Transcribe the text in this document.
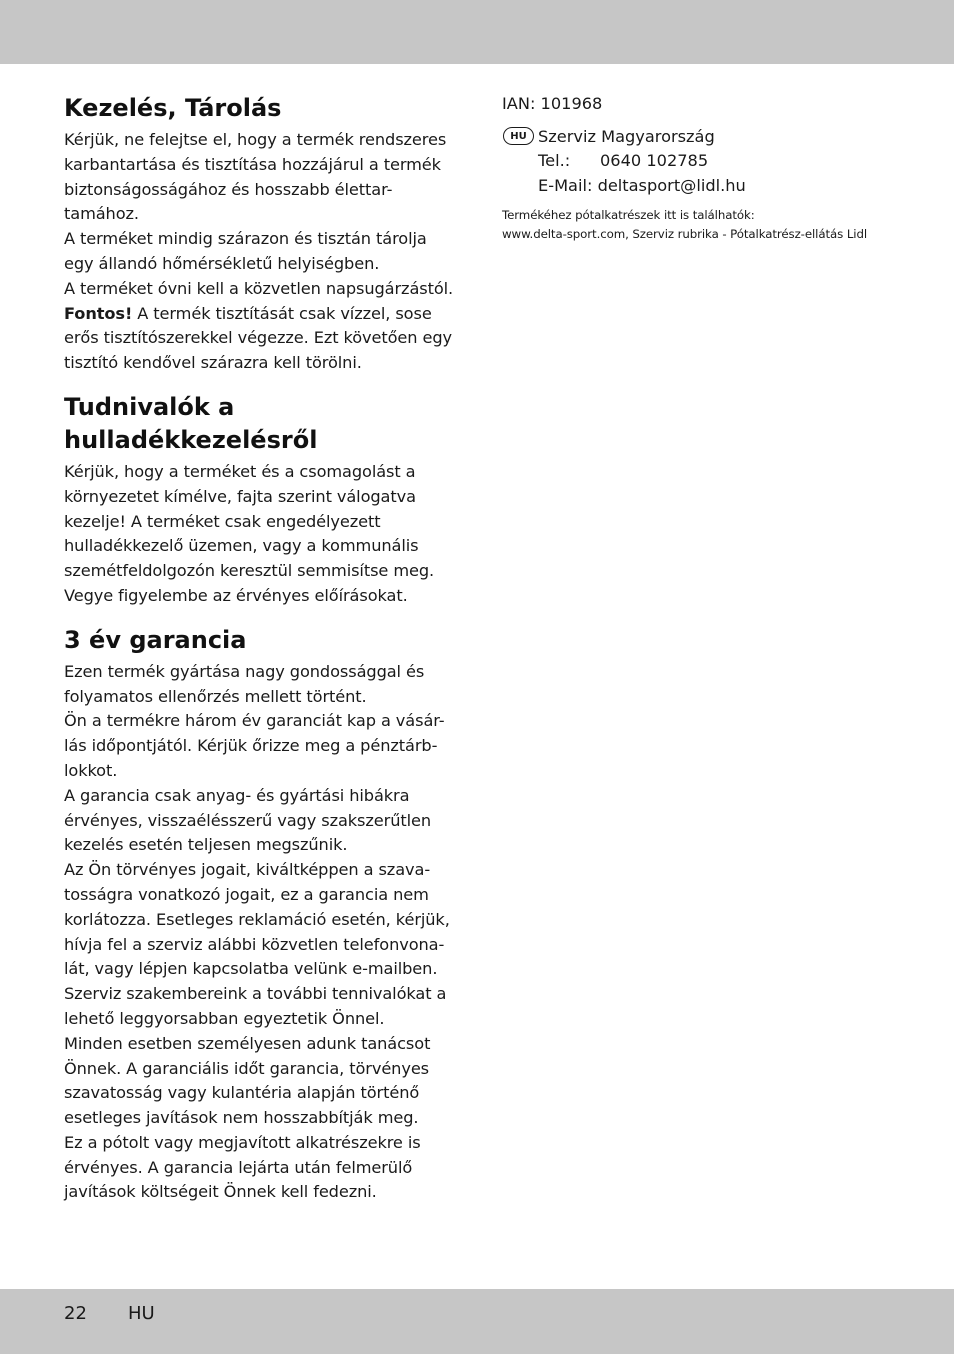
Kezelés, Tárolás

Kérjük, ne felejtse el, hogy a termék rendszeres
karbantartása és tisztítása hozzájárul a termék
biztonságosságához és hosszabb élettar-
tamához.
A terméket mindig szárazon és tisztán tárolja
egy állandó hőmérsékletű helyiségben.
A terméket óvni kell a közvetlen napsugárzástól.
Fontos! A termék tisztítását csak vízzel, sose
erős tisztítószerekkel végezze. Ezt követően egy
tisztító kendővel szárazra kell törölni.

Tudnivalók a
hulladékkezelésről

Kérjük, hogy a terméket és a csomagolást a
környezetet kímélve, fajta szerint válogatva
kezelje! A terméket csak engedélyezett
hulladékkezelő üzemen, vagy a kommunális
szemétfeldolgozón keresztül semmisítse meg.
Vegye figyelembe az érvényes előírásokat.

3 év garancia

Ezen termék gyártása nagy gondossággal és
folyamatos ellenőrzés mellett történt.
Ön a termékre három év garanciát kap a vásár-
lás időpontjától. Kérjük őrizze meg a pénztárb-
lokkot.
A garancia csak anyag- és gyártási hibákra
érvényes, visszaélésszerű vagy szakszerűtlen
kezelés esetén teljesen megszűnik.
Az Ön törvényes jogait, kiváltképpen a szava-
tosságra vonatkozó jogait, ez a garancia nem
korlátozza. Esetleges reklamáció esetén, kérjük,
hívja fel a szerviz alábbi közvetlen telefonvona-
lát, vagy lépjen kapcsolatba velünk e-mailben.
Szerviz szakembereink a további tennivalókat a
lehető leggyorsabban egyeztetik Önnel.
Minden esetben személyesen adunk tanácsot
Önnek. A garanciális időt garancia, törvényes
szavatosság vagy kulantéria alapján történő
esetleges javítások nem hosszabbítják meg.
Ez a pótolt vagy megjavított alkatrészekre is
érvényes. A garancia lejárta után felmerülő
javítások költségeit Önnek kell fedezni.

IAN: 101968
HU Szerviz Magyarország
Tel.: 0640 102785
E-Mail: deltasport@lidl.hu
Termékéhez pótalkatrészek itt is találhatók:
www.delta-sport.com, Szerviz rubrika - Pótalkatrész-ellátás Lidl
22 HU
